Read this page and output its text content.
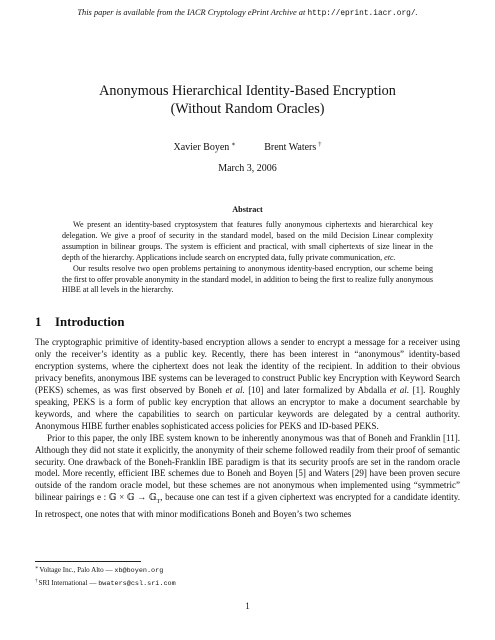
This paper is available from the IACR Cryptology ePrint Archive at http://eprint.iacr.org/.
Anonymous Hierarchical Identity-Based Encryption
(Without Random Oracles)
Xavier Boyen ∗	Brent Waters †
March 3, 2006
Abstract

We present an identity-based cryptosystem that features fully anonymous ciphertexts and hierarchical key delegation. We give a proof of security in the standard model, based on the mild Decision Linear complexity assumption in bilinear groups. The system is efficient and practical, with small ciphertexts of size linear in the depth of the hierarchy. Applications include search on encrypted data, fully private communication, etc.

Our results resolve two open problems pertaining to anonymous identity-based encryption, our scheme being the first to offer provable anonymity in the standard model, in addition to being the first to realize fully anonymous HIBE at all levels in the hierarchy.

1 Introduction

The cryptographic primitive of identity-based encryption allows a sender to encrypt a message for a receiver using only the receiver’s identity as a public key. Recently, there has been interest in “anonymous” identity-based encryption systems, where the ciphertext does not leak the identity of the recipient. In addition to their obvious privacy benefits, anonymous IBE systems can be leveraged to construct Public key Encryption with Keyword Search (PEKS) schemes, as was first observed by Boneh et al. [10] and later formalized by Abdalla et al. [1]. Roughly speaking, PEKS is a form of public key encryption that allows an encryptor to make a document searchable by keywords, and where the capabilities to search on particular keywords are delegated by a central authority. Anonymous HIBE further enables sophisticated access policies for PEKS and ID-based PEKS.

Prior to this paper, the only IBE system known to be inherently anonymous was that of Boneh and Franklin [11]. Although they did not state it explicitly, the anonymity of their scheme followed readily from their proof of semantic security. One drawback of the Boneh-Franklin IBE paradigm is that its security proofs are set in the random oracle model. More recently, efficient IBE schemes due to Boneh and Boyen [5] and Waters [29] have been proven secure outside of the random oracle model, but these schemes are not anonymous when implemented using “symmetric” bilinear pairings e : 𝔾 × 𝔾 → 𝔾$_T$, because one can test if a given ciphertext was encrypted for a candidate identity. In retrospect, one notes that with minor modifications Boneh and Boyen’s two schemes

∗Voltage Inc., Palo Alto — xb@boyen.org
†SRI International — bwaters@csl.sri.com
1
